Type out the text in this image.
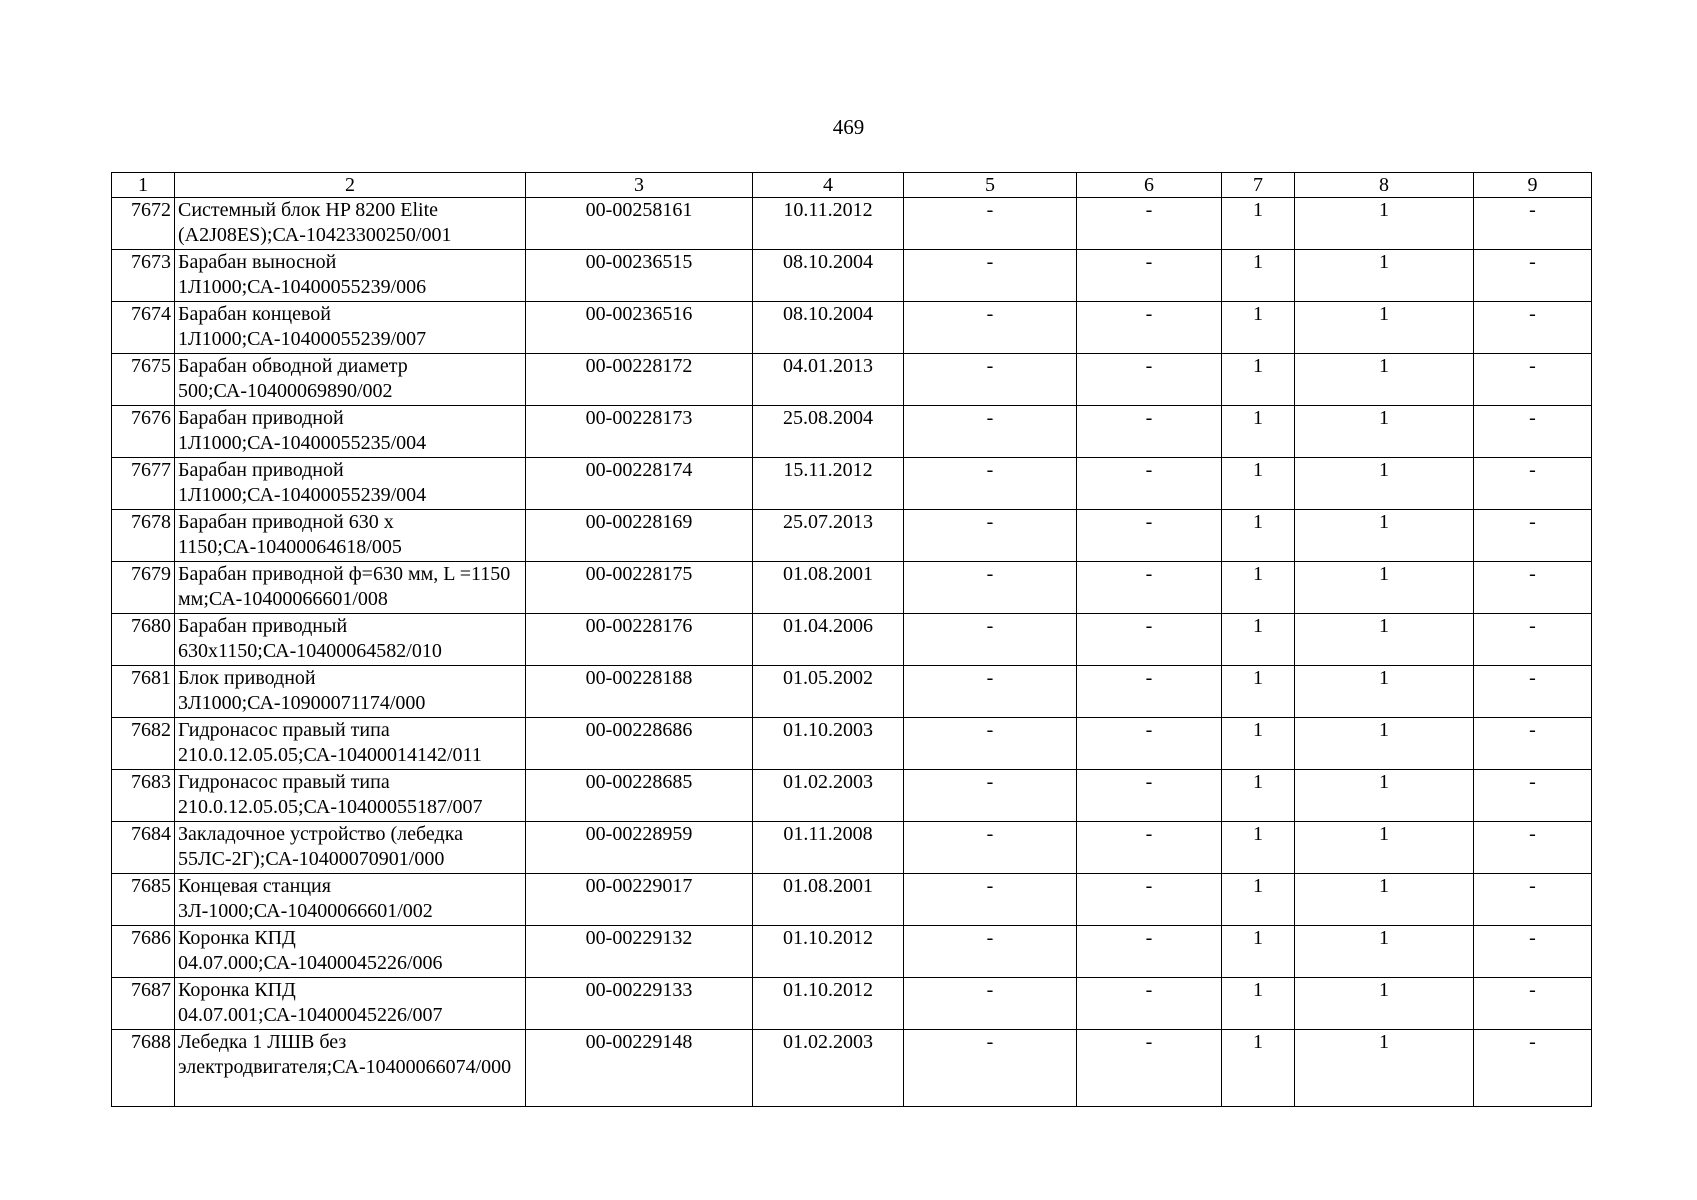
469
1	2	3	4	5	6	7	8	9
7672	Системный блок HP 8200 Elite (A2J08ES);СА-10423300250/001	00-00258161	10.11.2012	-	-	1	1	-
7673	Барабан выносной 1Л1000;СА-10400055239/006	00-00236515	08.10.2004	-	-	1	1	-
7674	Барабан концевой 1Л1000;СА-10400055239/007	00-00236516	08.10.2004	-	-	1	1	-
7675	Барабан обводной диаметр 500;СА-10400069890/002	00-00228172	04.01.2013	-	-	1	1	-
7676	Барабан приводной 1Л1000;СА-10400055235/004	00-00228173	25.08.2004	-	-	1	1	-
7677	Барабан приводной 1Л1000;СА-10400055239/004	00-00228174	15.11.2012	-	-	1	1	-
7678	Барабан приводной 630 х 1150;СА-10400064618/005	00-00228169	25.07.2013	-	-	1	1	-
7679	Барабан приводной ф=630 мм, L =1150 мм;СА-10400066601/008	00-00228175	01.08.2001	-	-	1	1	-
7680	Барабан приводный 630х1150;СА-10400064582/010	00-00228176	01.04.2006	-	-	1	1	-
7681	Блок приводной 3Л1000;СА-10900071174/000	00-00228188	01.05.2002	-	-	1	1	-
7682	Гидронасос правый типа 210.0.12.05.05;СА-10400014142/011	00-00228686	01.10.2003	-	-	1	1	-
7683	Гидронасос правый типа 210.0.12.05.05;СА-10400055187/007	00-00228685	01.02.2003	-	-	1	1	-
7684	Закладочное устройство (лебедка 55ЛС-2Г);СА-10400070901/000	00-00228959	01.11.2008	-	-	1	1	-
7685	Концевая станция 3Л-1000;СА-10400066601/002	00-00229017	01.08.2001	-	-	1	1	-
7686	Коронка КПД 04.07.000;СА-10400045226/006	00-00229132	01.10.2012	-	-	1	1	-
7687	Коронка КПД 04.07.001;СА-10400045226/007	00-00229133	01.10.2012	-	-	1	1	-
7688	Лебедка 1 ЛШВ без электродвигателя;СА-10400066074/000	00-00229148	01.02.2003	-	-	1	1	-
